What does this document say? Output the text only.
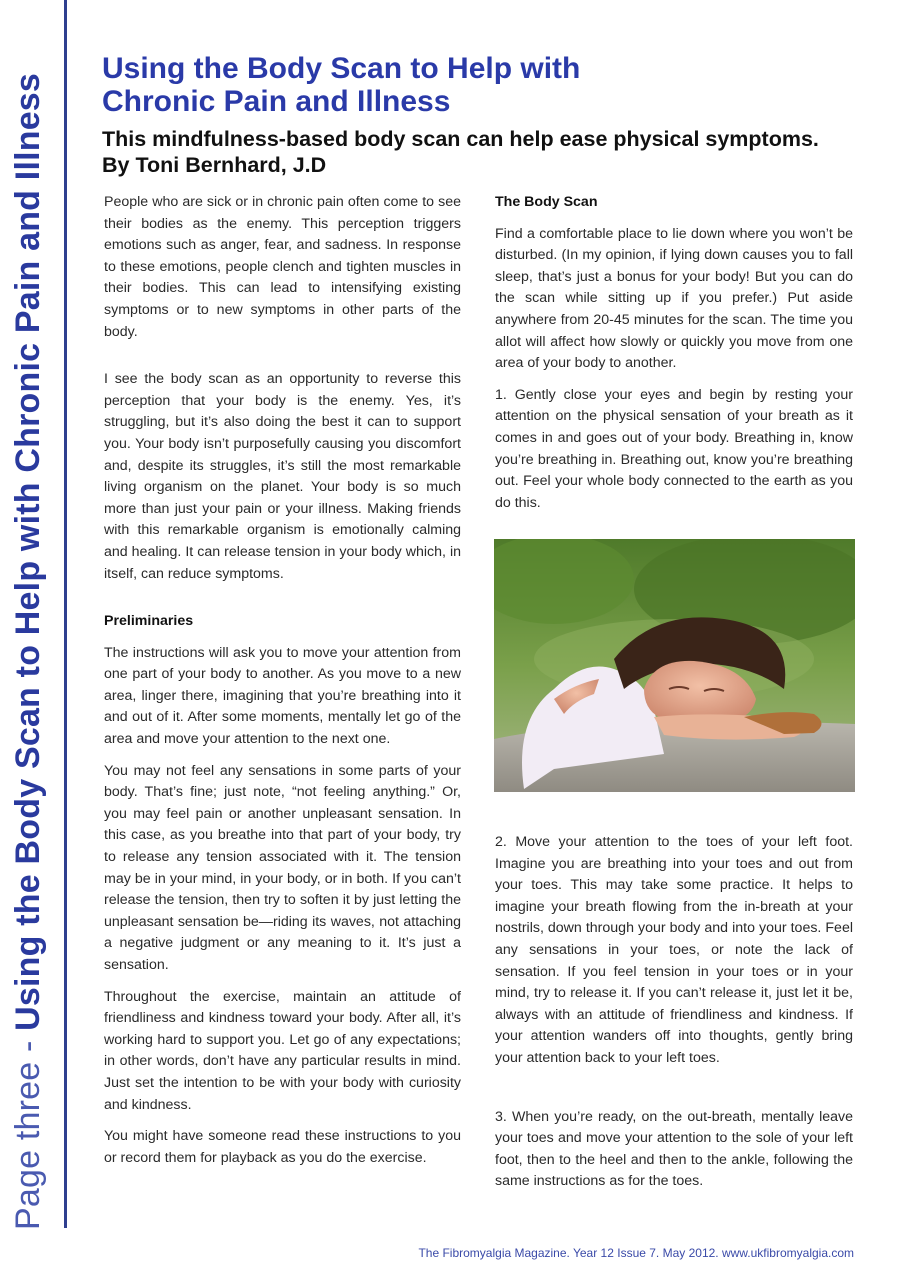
Page three - Using the Body Scan to Help with Chronic Pain and Illness
Using the Body Scan to Help with
Chronic Pain and Illness
This mindfulness-based body scan can help ease physical symptoms.
By Toni Bernhard, J.D

People who are sick or in chronic pain often come to see their bodies as the enemy. This perception triggers emotions such as anger, fear, and sadness. In response to these emotions, people clench and tighten muscles in their bodies. This can lead to intensifying existing symptoms or to new symptoms in other parts of the body.

I see the body scan as an opportunity to reverse this perception that your body is the enemy. Yes, it’s struggling, but it’s also doing the best it can to support you. Your body isn’t purposefully causing you discomfort and, despite its struggles, it’s still the most remarkable living organism on the planet. Your body is so much more than just your pain or your illness. Making friends with this remarkable organism is emotionally calming and healing. It can release tension in your body which, in itself, can reduce symptoms.

Preliminaries

The instructions will ask you to move your attention from one part of your body to another. As you move to a new area, linger there, imagining that you’re breathing into it and out of it. After some moments, mentally let go of the area and move your attention to the next one.

You may not feel any sensations in some parts of your body. That’s fine; just note, “not feeling anything.” Or, you may feel pain or another unpleasant sensation. In this case, as you breathe into that part of your body, try to release any tension associated with it. The tension may be in your mind, in your body, or in both. If you can’t release the tension, then try to soften it by just letting the unpleasant sensation be—riding its waves, not attaching a negative judgment or any meaning to it. It’s just a sensation.

Throughout the exercise, maintain an attitude of friendliness and kindness toward your body. After all, it’s working hard to support you. Let go of any expectations; in other words, don’t have any particular results in mind. Just set the intention to be with your body with curiosity and kindness.

You might have someone read these instructions to you or record them for playback as you do the exercise.

The Body Scan

Find a comfortable place to lie down where you won’t be disturbed. (In my opinion, if lying down causes you to fall sleep, that’s just a bonus for your body! But you can do the scan while sitting up if you prefer.) Put aside anywhere from 20-45 minutes for the scan. The time you allot will affect how slowly or quickly you move from one area of your body to another.

1. Gently close your eyes and begin by resting your attention on the physical sensation of your breath as it comes in and goes out of your body. Breathing in, know you’re breathing in. Breathing out, know you’re breathing out. Feel your whole body connected to the earth as you do this.

2. Move your attention to the toes of your left foot. Imagine you are breathing into your toes and out from your toes. This may take some practice. It helps to imagine your breath flowing from the in-breath at your nostrils, down through your body and into your toes. Feel any sensations in your toes, or note the lack of sensation. If you feel tension in your toes or in your mind, try to release it. If you can’t release it, just let it be, always with an attitude of friendliness and kindness. If your attention wanders off into thoughts, gently bring your attention back to your left toes.

3. When you’re ready, on the out-breath, mentally leave your toes and move your attention to the sole of your left foot, then to the heel and then to the ankle, following the same instructions as for the toes.

The Fibromyalgia Magazine. Year 12 Issue 7. May 2012. www.ukfibromyalgia.com
